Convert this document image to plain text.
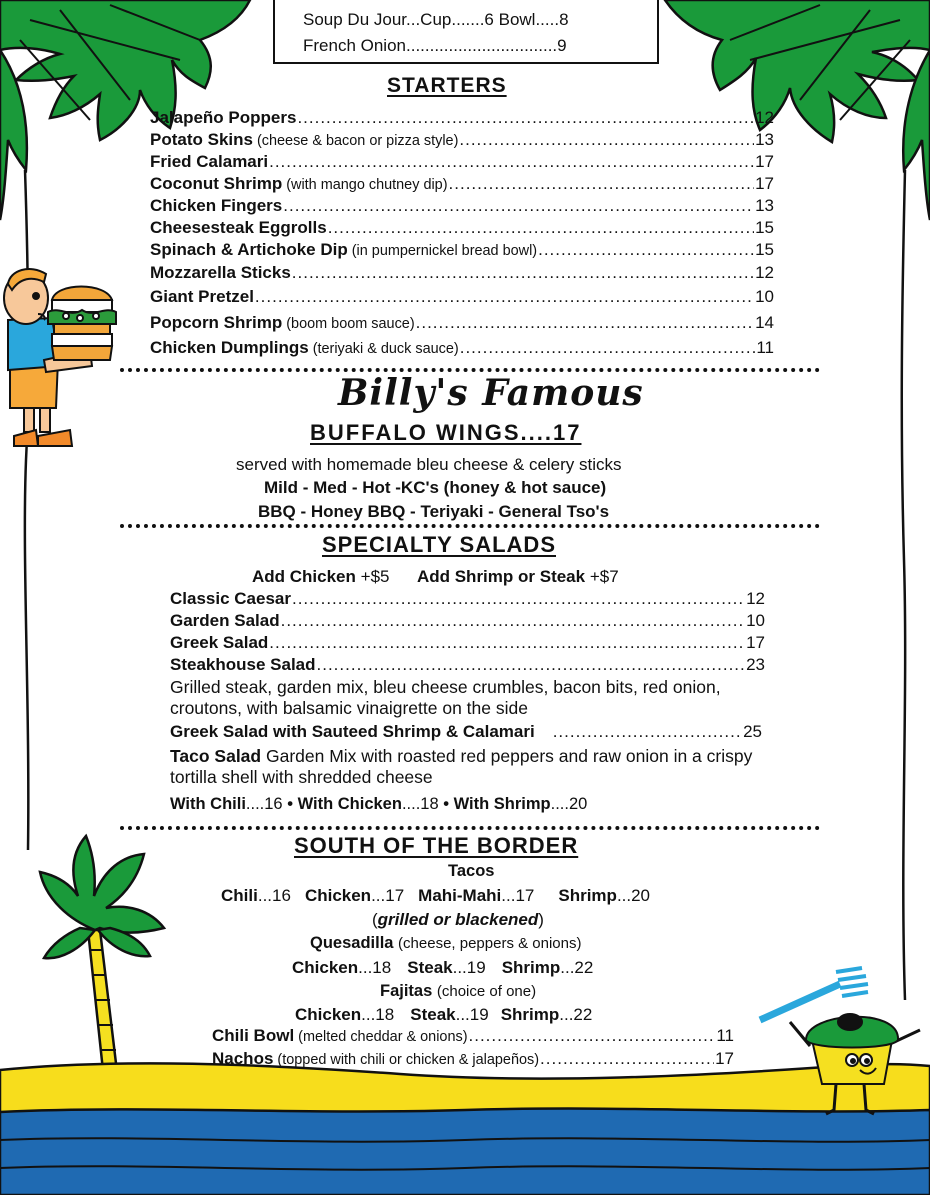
Soup Du Jour...Cup.......6 Bowl.....8
French Onion................................9
STARTERS
Jalapeño Poppers .....	12
Potato Skins (cheese & bacon or pizza style) .....	13
Fried Calamari .....	17
Coconut Shrimp (with mango chutney dip) .....	17
Chicken Fingers .....	13
Cheesesteak Eggrolls .....	15
Spinach & Artichoke Dip (in pumpernickel bread bowl) .....	15
Mozzarella Sticks .....	12
Giant Pretzel .....	10
Popcorn Shrimp (boom boom sauce) .....	14
Chicken Dumplings (teriyaki & duck sauce) .....	11
Billy's Famous
BUFFALO WINGS....17
served with homemade bleu cheese & celery sticks
Mild - Med - Hot -KC's (honey & hot sauce)
BBQ - Honey BBQ - Teriyaki - General Tso's
SPECIALTY SALADS
Add Chicken +$5 Add Shrimp or Steak +$7
Classic Caesar .....	12
Garden Salad .....	10
Greek Salad .....	17
Steakhouse Salad .....	23
Grilled steak, garden mix, bleu cheese crumbles, bacon bits, red onion, croutons, with balsamic vinaigrette on the side
Greek Salad with Sauteed Shrimp & Calamari .....	25
Taco Salad Garden Mix with roasted red peppers and raw onion in a crispy tortilla shell with shredded cheese
With Chili....16 • With Chicken....18 • With Shrimp....20
SOUTH OF THE BORDER
Tacos
Chili...16 Chicken...17 Mahi-Mahi...17 Shrimp...20
(grilled or blackened)
Quesadilla (cheese, peppers & onions)
Chicken...18 Steak...19 Shrimp...22
Fajitas (choice of one)
Chicken...18 Steak...19 Shrimp...22
Chili Bowl (melted cheddar & onions) .....	11
Nachos (topped with chili or chicken & jalapeños) .....	17
